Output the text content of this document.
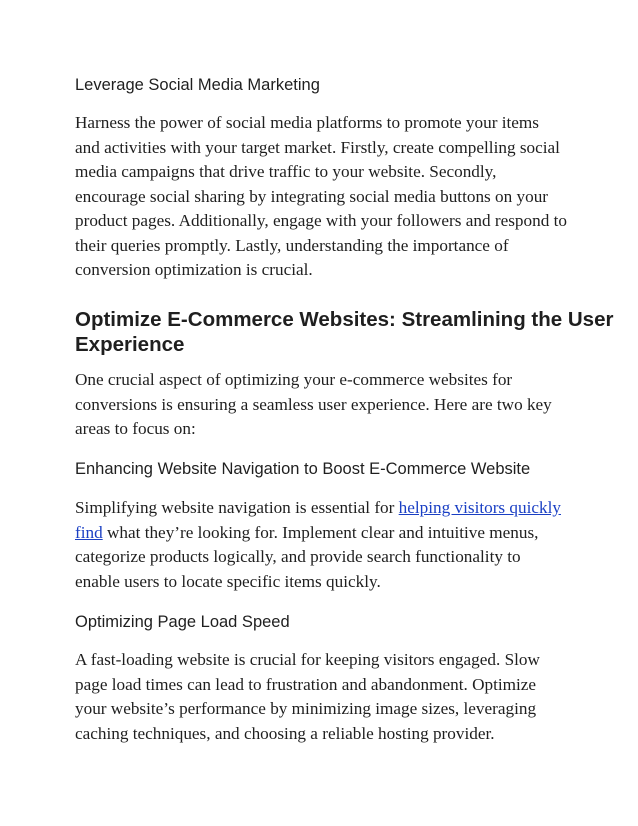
Leverage Social Media Marketing

Harness the power of social media platforms to promote your items
and activities with your target market. Firstly, create compelling social
media campaigns that drive traffic to your website. Secondly,
encourage social sharing by integrating social media buttons on your
product pages. Additionally, engage with your followers and respond to
their queries promptly. Lastly, understanding the importance of
conversion optimization is crucial.

Optimize E-Commerce Websites: Streamlining the User
Experience

One crucial aspect of optimizing your e-commerce websites for
conversions is ensuring a seamless user experience. Here are two key
areas to focus on:

Enhancing Website Navigation to Boost E-Commerce Website

Simplifying website navigation is essential for helping visitors quickly
find what they’re looking for. Implement clear and intuitive menus,
categorize products logically, and provide search functionality to
enable users to locate specific items quickly.

Optimizing Page Load Speed

A fast-loading website is crucial for keeping visitors engaged. Slow
page load times can lead to frustration and abandonment. Optimize
your website’s performance by minimizing image sizes, leveraging
caching techniques, and choosing a reliable hosting provider.
